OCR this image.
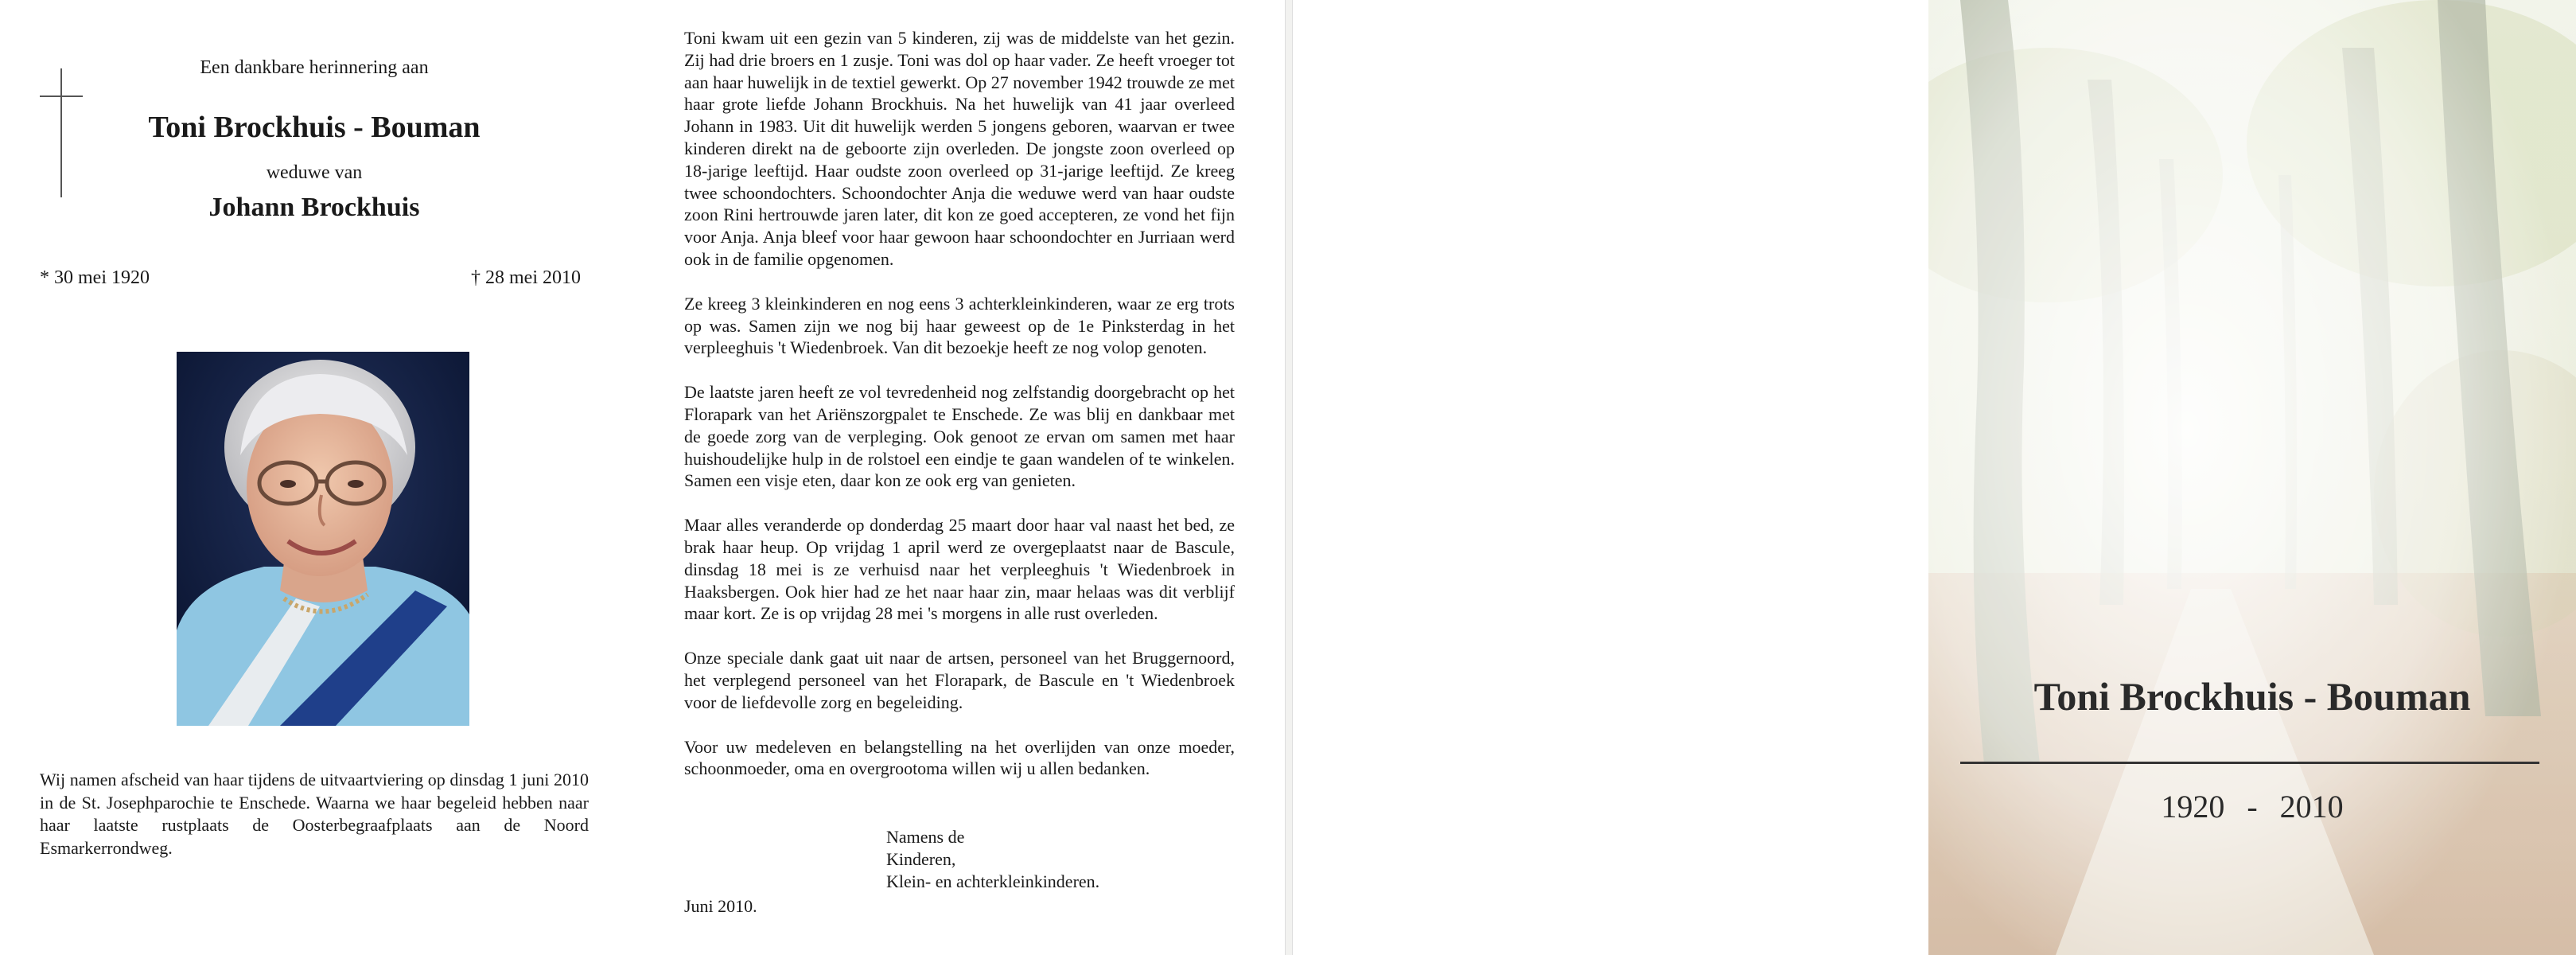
Een dankbare herinnering aan
Toni Brockhuis - Bouman
weduwe van
Johann Brockhuis
* 30 mei 1920	† 28 mei 2010
Wij namen afscheid van haar tijdens de uitvaartviering op dinsdag 1 juni 2010 in de St. Josephparochie te Enschede. Waarna we haar begeleid hebben naar haar laatste rustplaats de Oosterbegraafplaats aan de Noord Esmarkerrondweg.

Toni kwam uit een gezin van 5 kinderen, zij was de middelste van het gezin. Zij had drie broers en 1 zusje. Toni was dol op haar vader. Ze heeft vroeger tot aan haar huwelijk in de textiel gewerkt. Op 27 november 1942 trouwde ze met haar grote liefde Johann Brockhuis. Na het huwelijk van 41 jaar overleed Johann in 1983. Uit dit huwelijk werden 5 jongens geboren, waarvan er twee kinderen direkt na de geboorte zijn overleden. De jongste zoon overleed op 18-jarige leeftijd. Haar oudste zoon overleed op 31-jarige leeftijd. Ze kreeg twee schoondochters. Schoondochter Anja die weduwe werd van haar oudste zoon Rini hertrouwde jaren later, dit kon ze goed accepteren, ze vond het fijn voor Anja. Anja bleef voor haar gewoon haar schoondochter en Jurriaan werd ook in de familie opgenomen.

Ze kreeg 3 kleinkinderen en nog eens 3 achterkleinkinderen, waar ze erg trots op was. Samen zijn we nog bij haar geweest op de 1e Pinksterdag in het verpleeghuis 't Wiedenbroek. Van dit bezoekje heeft ze nog volop genoten.

De laatste jaren heeft ze vol tevredenheid nog zelfstandig doorgebracht op het Florapark van het Ariënszorgpalet te Enschede. Ze was blij en dankbaar met de goede zorg van de verpleging. Ook genoot ze ervan om samen met haar huishoudelijke hulp in de rolstoel een eindje te gaan wandelen of te winkelen. Samen een visje eten, daar kon ze ook erg van genieten.

Maar alles veranderde op donderdag 25 maart door haar val naast het bed, ze brak haar heup. Op vrijdag 1 april werd ze overgeplaatst naar de Bascule, dinsdag 18 mei is ze verhuisd naar het verpleeghuis 't Wiedenbroek in Haaksbergen. Ook hier had ze het naar haar zin, maar helaas was dit verblijf maar kort. Ze is op vrijdag 28 mei 's morgens in alle rust overleden.

Onze speciale dank gaat uit naar de artsen, personeel van het Bruggernoord, het verplegend personeel van het Florapark, de Bascule en 't Wiedenbroek voor de liefdevolle zorg en begeleiding.

Voor uw medeleven en belangstelling na het overlijden van onze moeder, schoonmoeder, oma en overgrootoma willen wij u allen bedanken.

Namens de
Kinderen,
Klein- en achterkleinkinderen.
Juni 2010.
Toni Brockhuis - Bouman
1920 - 2010
